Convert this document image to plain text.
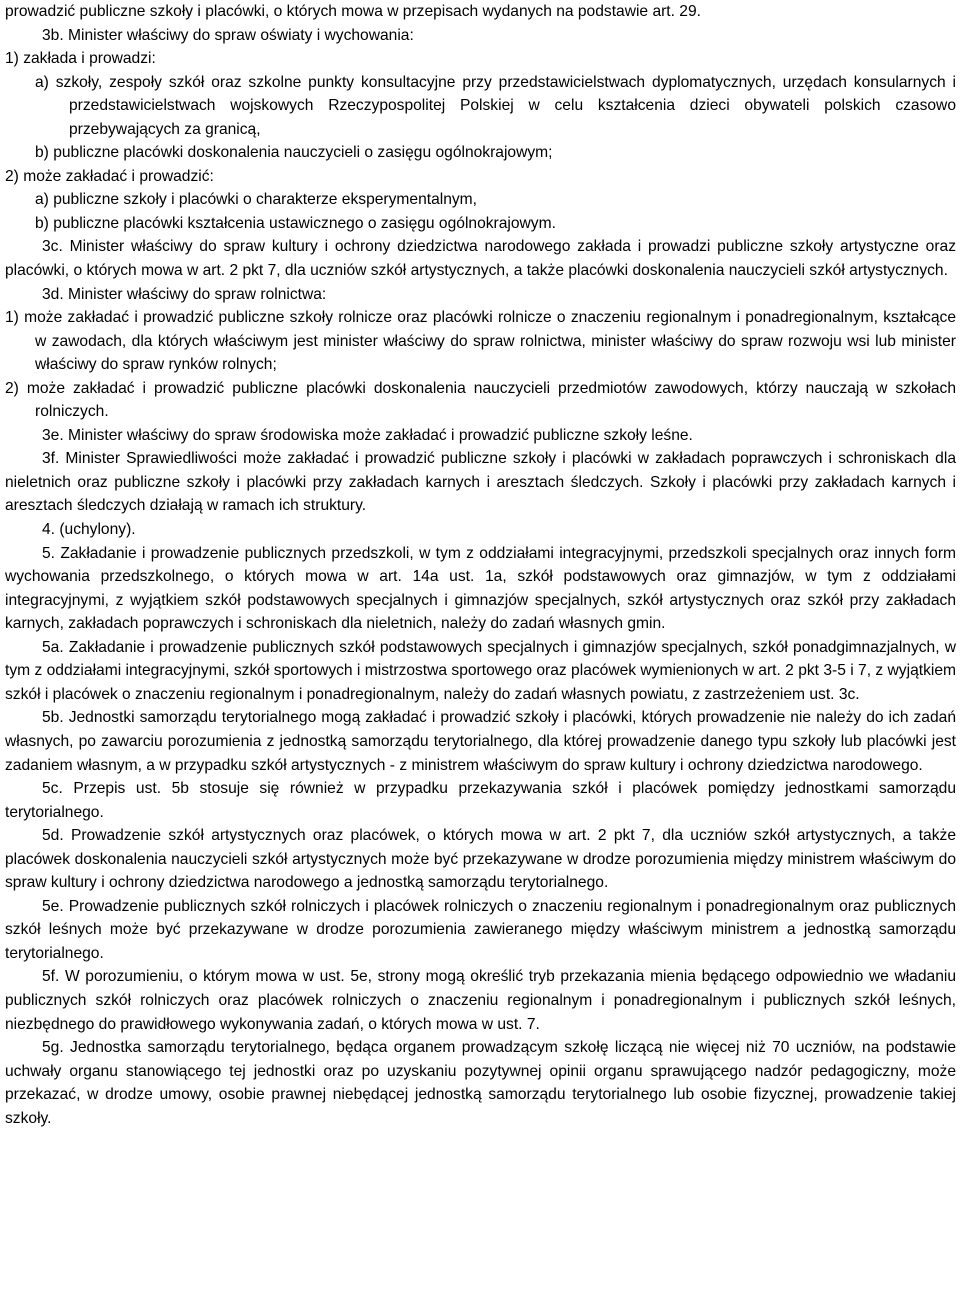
prowadzić publiczne szkoły i placówki, o których mowa w przepisach wydanych na podstawie art. 29.

3b. Minister właściwy do spraw oświaty i wychowania:

1) zakłada i prowadzi:

a) szkoły, zespoły szkół oraz szkolne punkty konsultacyjne przy przedstawicielstwach dyplomatycznych, urzędach konsularnych i przedstawicielstwach wojskowych Rzeczypospolitej Polskiej w celu kształcenia dzieci obywateli polskich czasowo przebywających za granicą,

b) publiczne placówki doskonalenia nauczycieli o zasięgu ogólnokrajowym;

2) może zakładać i prowadzić:

a) publiczne szkoły i placówki o charakterze eksperymentalnym,

b) publiczne placówki kształcenia ustawicznego o zasięgu ogólnokrajowym.

3c. Minister właściwy do spraw kultury i ochrony dziedzictwa narodowego zakłada i prowadzi publiczne szkoły artystyczne oraz placówki, o których mowa w art. 2 pkt 7, dla uczniów szkół artystycznych, a także placówki doskonalenia nauczycieli szkół artystycznych.

3d. Minister właściwy do spraw rolnictwa:

1) może zakładać i prowadzić publiczne szkoły rolnicze oraz placówki rolnicze o znaczeniu regionalnym i ponadregionalnym, kształcące w zawodach, dla których właściwym jest minister właściwy do spraw rolnictwa, minister właściwy do spraw rozwoju wsi lub minister właściwy do spraw rynków rolnych;

2) może zakładać i prowadzić publiczne placówki doskonalenia nauczycieli przedmiotów zawodowych, którzy nauczają w szkołach rolniczych.

3e. Minister właściwy do spraw środowiska może zakładać i prowadzić publiczne szkoły leśne.

3f. Minister Sprawiedliwości może zakładać i prowadzić publiczne szkoły i placówki w zakładach poprawczych i schroniskach dla nieletnich oraz publiczne szkoły i placówki przy zakładach karnych i aresztach śledczych. Szkoły i placówki przy zakładach karnych i aresztach śledczych działają w ramach ich struktury.

4. (uchylony).

5. Zakładanie i prowadzenie publicznych przedszkoli, w tym z oddziałami integracyjnymi, przedszkoli specjalnych oraz innych form wychowania przedszkolnego, o których mowa w art. 14a ust. 1a, szkół podstawowych oraz gimnazjów, w tym z oddziałami integracyjnymi, z wyjątkiem szkół podstawowych specjalnych i gimnazjów specjalnych, szkół artystycznych oraz szkół przy zakładach karnych, zakładach poprawczych i schroniskach dla nieletnich, należy do zadań własnych gmin.

5a. Zakładanie i prowadzenie publicznych szkół podstawowych specjalnych i gimnazjów specjalnych, szkół ponadgimnazjalnych, w tym z oddziałami integracyjnymi, szkół sportowych i mistrzostwa sportowego oraz placówek wymienionych w art. 2 pkt 3-5 i 7, z wyjątkiem szkół i placówek o znaczeniu regionalnym i ponadregionalnym, należy do zadań własnych powiatu, z zastrzeżeniem ust. 3c.

5b. Jednostki samorządu terytorialnego mogą zakładać i prowadzić szkoły i placówki, których prowadzenie nie należy do ich zadań własnych, po zawarciu porozumienia z jednostką samorządu terytorialnego, dla której prowadzenie danego typu szkoły lub placówki jest zadaniem własnym, a w przypadku szkół artystycznych - z ministrem właściwym do spraw kultury i ochrony dziedzictwa narodowego.

5c. Przepis ust. 5b stosuje się również w przypadku przekazywania szkół i placówek pomiędzy jednostkami samorządu terytorialnego.

5d. Prowadzenie szkół artystycznych oraz placówek, o których mowa w art. 2 pkt 7, dla uczniów szkół artystycznych, a także placówek doskonalenia nauczycieli szkół artystycznych może być przekazywane w drodze porozumienia między ministrem właściwym do spraw kultury i ochrony dziedzictwa narodowego a jednostką samorządu terytorialnego.

5e. Prowadzenie publicznych szkół rolniczych i placówek rolniczych o znaczeniu regionalnym i ponadregionalnym oraz publicznych szkół leśnych może być przekazywane w drodze porozumienia zawieranego między właściwym ministrem a jednostką samorządu terytorialnego.

5f. W porozumieniu, o którym mowa w ust. 5e, strony mogą określić tryb przekazania mienia będącego odpowiednio we władaniu publicznych szkół rolniczych oraz placówek rolniczych o znaczeniu regionalnym i ponadregionalnym i publicznych szkół leśnych, niezbędnego do prawidłowego wykonywania zadań, o których mowa w ust. 7.

5g. Jednostka samorządu terytorialnego, będąca organem prowadzącym szkołę liczącą nie więcej niż 70 uczniów, na podstawie uchwały organu stanowiącego tej jednostki oraz po uzyskaniu pozytywnej opinii organu sprawującego nadzór pedagogiczny, może przekazać, w drodze umowy, osobie prawnej niebędącej jednostką samorządu terytorialnego lub osobie fizycznej, prowadzenie takiej szkoły.
